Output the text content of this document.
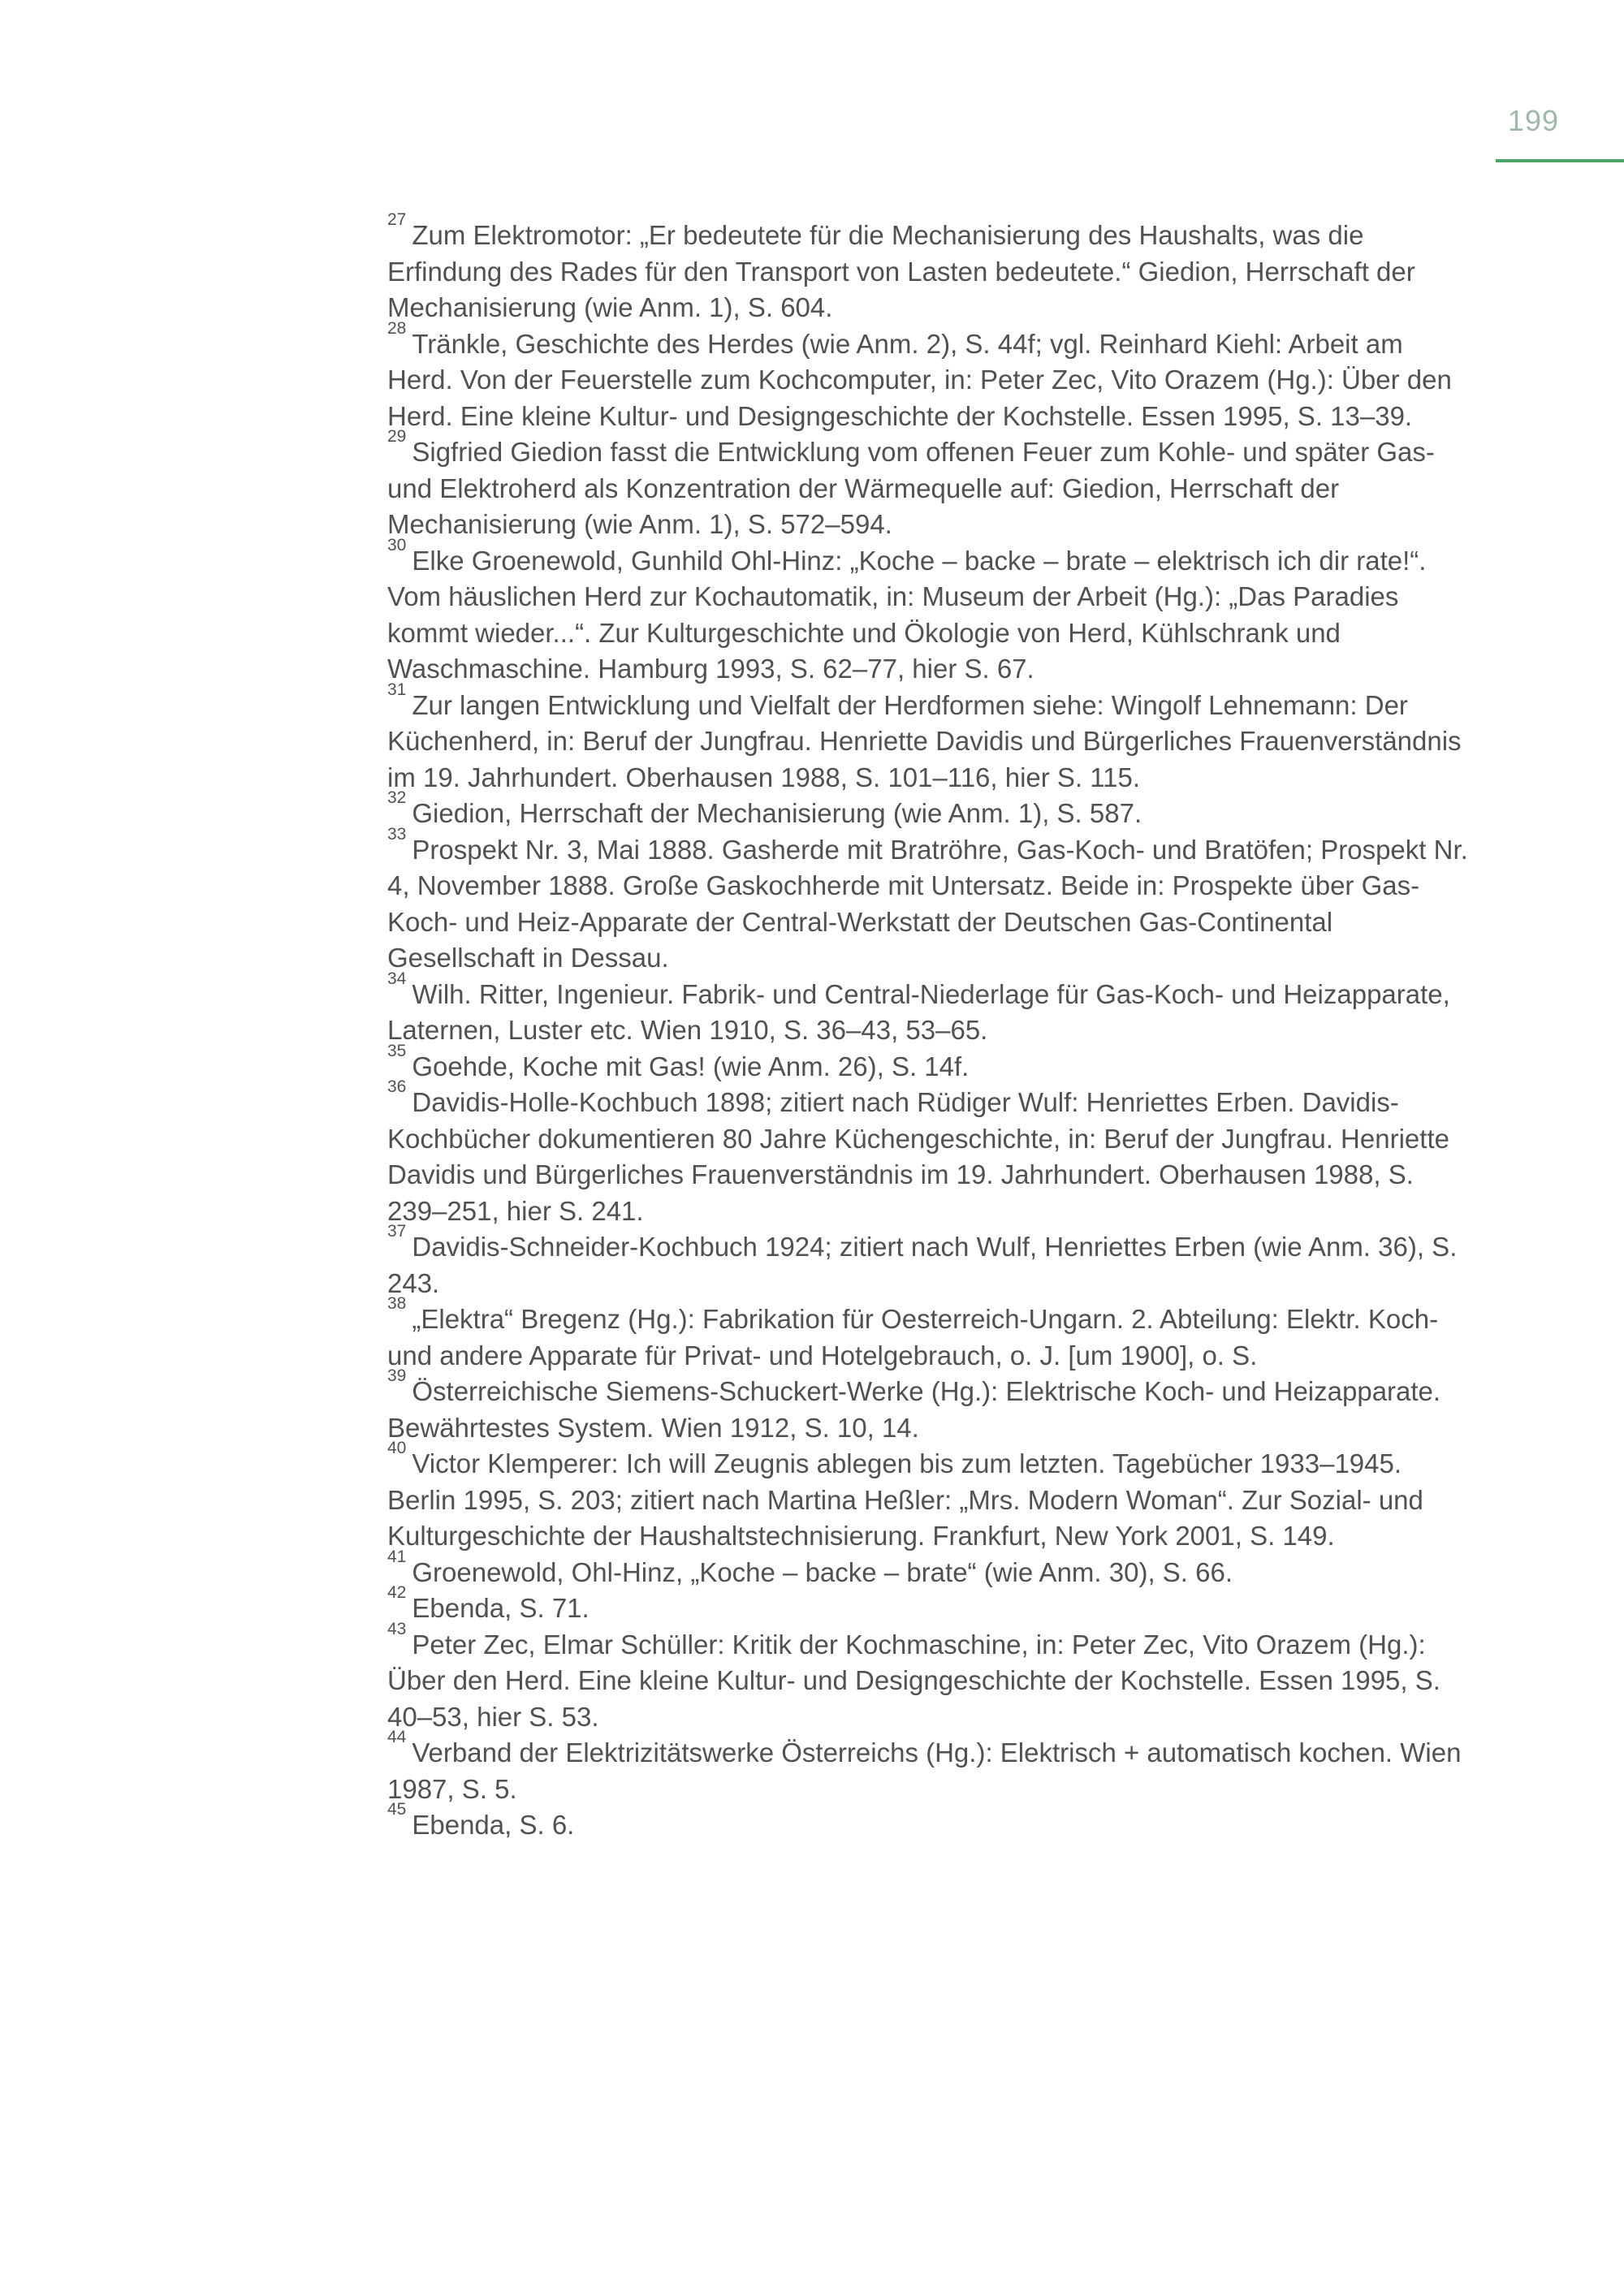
199

$^{27}$Zum Elektromotor: „Er bedeutete für die Mechanisierung des Haushalts, was die Erfindung des Rades für den Transport von Lasten bedeutete.“ Giedion, Herrschaft der Mechanisierung (wie Anm. 1), S. 604.

$^{28}$Tränkle, Geschichte des Herdes (wie Anm. 2), S. 44f; vgl. Reinhard Kiehl: Arbeit am Herd. Von der Feuerstelle zum Kochcomputer, in: Peter Zec, Vito Orazem (Hg.): Über den Herd. Eine kleine Kultur- und Designgeschichte der Kochstelle. Essen 1995, S. 13–39.

$^{29}$Sigfried Giedion fasst die Entwicklung vom offenen Feuer zum Kohle- und später Gas- und Elektroherd als Konzentration der Wärmequelle auf: Giedion, Herrschaft der Mechanisierung (wie Anm. 1), S. 572–594.

$^{30}$Elke Groenewold, Gunhild Ohl-Hinz: „Koche – backe – brate – elektrisch ich dir rate!“. Vom häuslichen Herd zur Kochautomatik, in: Museum der Arbeit (Hg.): „Das Paradies kommt wieder...“. Zur Kulturgeschichte und Ökologie von Herd, Kühlschrank und Waschmaschine. Hamburg 1993, S. 62–77, hier S. 67.

$^{31}$Zur langen Entwicklung und Vielfalt der Herdformen siehe: Wingolf Lehnemann: Der Küchenherd, in: Beruf der Jungfrau. Henriette Davidis und Bürgerliches Frauenverständnis im 19. Jahrhundert. Oberhausen 1988, S. 101–116, hier S. 115.

$^{32}$Giedion, Herrschaft der Mechanisierung (wie Anm. 1), S. 587.

$^{33}$Prospekt Nr. 3, Mai 1888. Gasherde mit Bratröhre, Gas-Koch- und Bratöfen; Prospekt Nr. 4, November 1888. Große Gaskochherde mit Untersatz. Beide in: Prospekte über Gas-Koch- und Heiz-Apparate der Central-Werkstatt der Deutschen Gas-Continental Gesellschaft in Dessau.

$^{34}$Wilh. Ritter, Ingenieur. Fabrik- und Central-Niederlage für Gas-Koch- und Heizapparate, Laternen, Luster etc. Wien 1910, S. 36–43, 53–65.

$^{35}$Goehde, Koche mit Gas! (wie Anm. 26), S. 14f.

$^{36}$Davidis-Holle-Kochbuch 1898; zitiert nach Rüdiger Wulf: Henriettes Erben. Davidis-Kochbücher dokumentieren 80 Jahre Küchengeschichte, in: Beruf der Jungfrau. Henriette Davidis und Bürgerliches Frauenverständnis im 19. Jahrhundert. Oberhausen 1988, S. 239–251, hier S. 241.

$^{37}$Davidis-Schneider-Kochbuch 1924; zitiert nach Wulf, Henriettes Erben (wie Anm. 36), S. 243.

$^{38}$„Elektra“ Bregenz (Hg.): Fabrikation für Oesterreich-Ungarn. 2. Abteilung: Elektr. Koch- und andere Apparate für Privat- und Hotelgebrauch, o. J. [um 1900], o. S.

$^{39}$Österreichische Siemens-Schuckert-Werke (Hg.): Elektrische Koch- und Heizapparate. Bewährtestes System. Wien 1912, S. 10, 14.

$^{40}$Victor Klemperer: Ich will Zeugnis ablegen bis zum letzten. Tagebücher 1933–1945. Berlin 1995, S. 203; zitiert nach Martina Heßler: „Mrs. Modern Woman“. Zur Sozial- und Kulturgeschichte der Haushaltstechnisierung. Frankfurt, New York 2001, S. 149.

$^{41}$Groenewold, Ohl-Hinz, „Koche – backe – brate“ (wie Anm. 30), S. 66.

$^{42}$Ebenda, S. 71.

$^{43}$Peter Zec, Elmar Schüller: Kritik der Kochmaschine, in: Peter Zec, Vito Orazem (Hg.): Über den Herd. Eine kleine Kultur- und Designgeschichte der Kochstelle. Essen 1995, S. 40–53, hier S. 53.

$^{44}$Verband der Elektrizitätswerke Österreichs (Hg.): Elektrisch + automatisch kochen. Wien 1987, S. 5.

$^{45}$Ebenda, S. 6.
